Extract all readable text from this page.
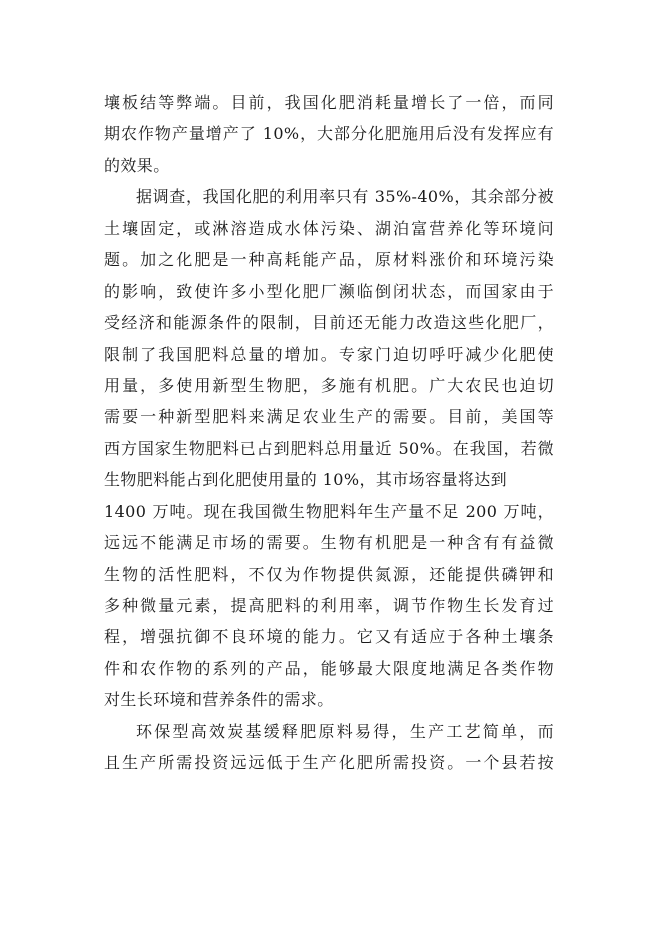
壤板结等弊端。目前，我国化肥消耗量增长了一倍，而同
期农作物产量增产了 10%，大部分化肥施用后没有发挥应有
的效果。
据调查，我国化肥的利用率只有 35%-40%，其余部分被
土壤固定，或淋溶造成水体污染、湖泊富营养化等环境问
题。加之化肥是一种高耗能产品，原材料涨价和环境污染
的影响，致使许多小型化肥厂濒临倒闭状态，而国家由于
受经济和能源条件的限制，目前还无能力改造这些化肥厂，
限制了我国肥料总量的增加。专家门迫切呼吁减少化肥使
用量，多使用新型生物肥，多施有机肥。广大农民也迫切
需要一种新型肥料来满足农业生产的需要。目前，美国等
西方国家生物肥料已占到肥料总用量近 50%。在我国，若微
生物肥料能占到化肥使用量的 10%，其市场容量将达到
1400 万吨。现在我国微生物肥料年生产量不足 200 万吨，
远远不能满足市场的需要。生物有机肥是一种含有有益微
生物的活性肥料，不仅为作物提供氮源，还能提供磷钾和
多种微量元素，提高肥料的利用率，调节作物生长发育过
程，增强抗御不良环境的能力。它又有适应于各种土壤条
件和农作物的系列的产品，能够最大限度地满足各类作物
对生长环境和营养条件的需求。
环保型高效炭基缓释肥原料易得，生产工艺简单，而
且生产所需投资远远低于生产化肥所需投资。一个县若按
